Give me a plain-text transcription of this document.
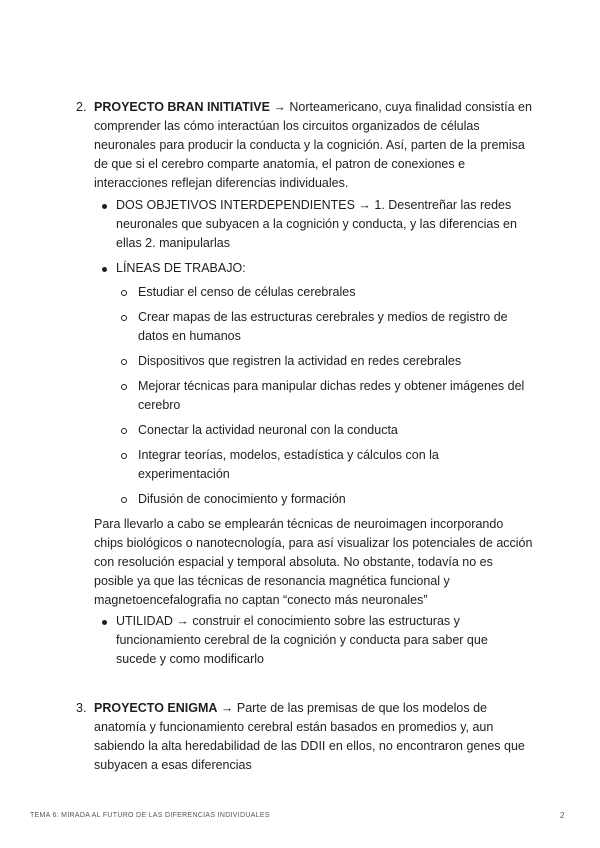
2. PROYECTO BRAN INITIATIVE → Norteamericano, cuya finalidad consistía en comprender las cómo interactúan los circuitos organizados de células neuronales para producir la conducta y la cognición. Así, parten de la premisa de que si el cerebro comparte anatomía, el patron de conexiones e interacciones reflejan diferencias individuales.

DOS OBJETIVOS INTERDEPENDIENTES → 1. Desentreñar las redes neuronales que subyacen a la cognición y conducta, y las diferencias en ellas 2. manipularlas
LÍNEAS DE TRABAJO:
Estudiar el censo de células cerebrales
Crear mapas de las estructuras cerebrales y medios de registro de datos en humanos
Dispositivos que registren la actividad en redes cerebrales
Mejorar técnicas para manipular dichas redes y obtener imágenes del cerebro
Conectar la actividad neuronal con la conducta
Integrar teorías, modelos, estadística y cálculos con la experimentación
Difusión de conocimiento y formación

Para llevarlo a cabo se emplearán técnicas de neuroimagen incorporando chips biológicos o nanotecnología, para así visualizar los potenciales de acción con resolución espacial y temporal absoluta. No obstante, todavía no es posible ya que las técnicas de resonancia magnética funcional y magnetoencefalografia no captan “conecto más neuronales”

UTILIDAD → construir el conocimiento sobre las estructuras y funcionamiento cerebral de la cognición y conducta para saber que sucede y como modificarlo
3. PROYECTO ENIGMA → Parte de las premisas de que los modelos de anatomía y funcionamiento cerebral están basados en promedios y, aun sabiendo la alta heredabilidad de las DDII en ellos, no encontraron genes que subyacen a esas diferencias

TEMA 6: MIRADA AL FUTURO DE LAS DIFERENCIAS INDIVIDUALES	2
